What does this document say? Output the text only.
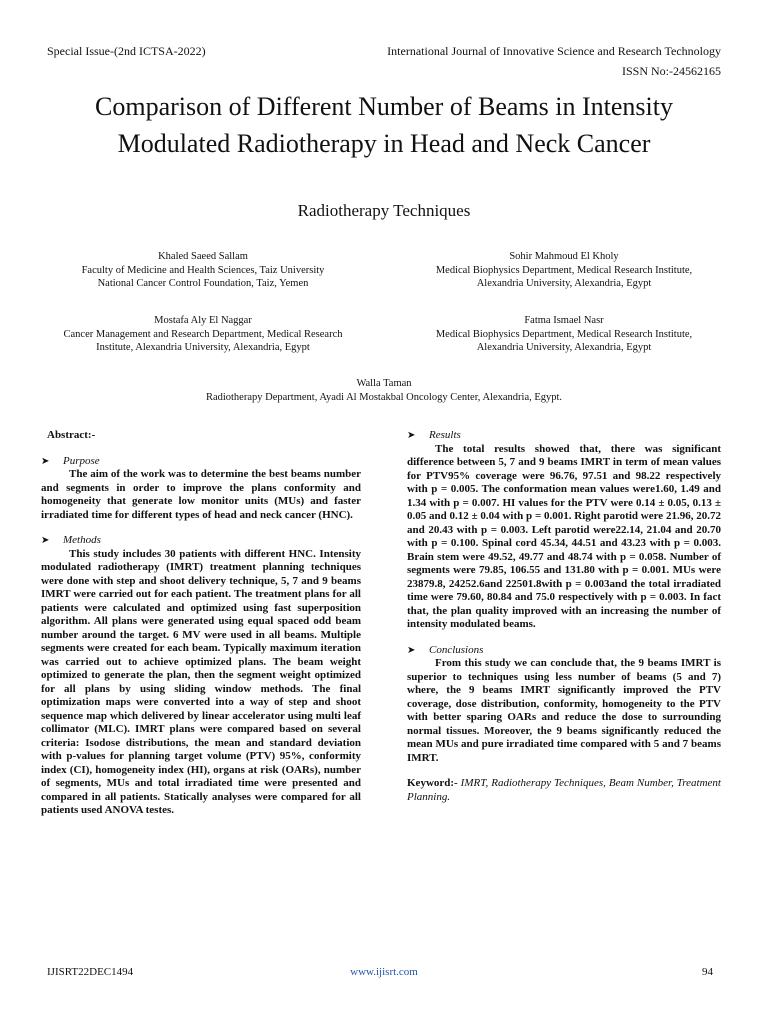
Special Issue-(2nd ICTSA-2022)	International Journal of Innovative Science and Research Technology
ISSN No:-24562165
Comparison of Different Number of Beams in Intensity Modulated Radiotherapy in Head and Neck Cancer
Radiotherapy Techniques
Khaled Saeed Sallam
Faculty of Medicine and Health Sciences, Taiz University
National Cancer Control Foundation, Taiz, Yemen
Sohir Mahmoud El Kholy
Medical Biophysics Department, Medical Research Institute,
Alexandria University, Alexandria, Egypt
Mostafa Aly El Naggar
Cancer Management and Research Department, Medical Research
Institute, Alexandria University, Alexandria, Egypt
Fatma Ismael Nasr
Medical Biophysics Department, Medical Research Institute,
Alexandria University, Alexandria, Egypt
Walla Taman
Radiotherapy Department, Ayadi Al Mostakbal Oncology Center, Alexandria, Egypt.
Abstract:-
➤	Purpose

The aim of the work was to determine the best beams number and segments in order to improve the plans conformity and homogeneity that generate low monitor units (MUs) and faster irradiated time for different types of head and neck cancer (HNC).

➤	Methods

This study includes 30 patients with different HNC. Intensity modulated radiotherapy (IMRT) treatment planning techniques were done with step and shoot delivery technique, 5, 7 and 9 beams IMRT were carried out for each patient. The treatment plans for all patients were calculated and optimized using fast superposition algorithm. All plans were generated using equal spaced odd beam number around the target. 6 MV were used in all beams. Multiple segments were created for each beam. Typically maximum iteration was carried out to achieve optimized plans. The beam weight optimized to generate the plan, then the segment weight optimized for all plans by using sliding window methods. The final optimization maps were converted into a way of step and shoot sequence map which delivered by linear accelerator using multi leaf collimator (MLC). IMRT plans were compared based on several criteria: Isodose distributions, the mean and standard deviation with p-values for planning target volume (PTV) 95%, conformity index (CI), homogeneity index (HI), organs at risk (OARs), number of segments, MUs and total irradiated time were presented and compared in all patients. Statically analyses were compared for all patients used ANOVA testes.

➤	Results

The total results showed that, there was significant difference between 5, 7 and 9 beams IMRT in term of mean values for PTV95% coverage were 96.76, 97.51 and 98.22 respectively with p = 0.005. The conformation mean values were1.60, 1.49 and 1.34 with p = 0.007. HI values for the PTV were 0.14 ± 0.05, 0.13 ± 0.05 and 0.12 ± 0.04 with p = 0.001. Right parotid were 21.96, 20.72 and 20.43 with p = 0.003. Left parotid were22.14, 21.04 and 20.70 with p = 0.100. Spinal cord 45.34, 44.51 and 43.23 with p = 0.003. Brain stem were 49.52, 49.77 and 48.74 with p = 0.058. Number of segments were 79.85, 106.55 and 131.80 with p = 0.001. MUs were 23879.8, 24252.6and 22501.8with p = 0.003and the total irradiated time were 79.60, 80.84 and 75.0 respectively with p = 0.003. In fact that, the plan quality improved with an increasing the number of intensity modulated beams.

➤	Conclusions

From this study we can conclude that, the 9 beams IMRT is superior to techniques using less number of beams (5 and 7) where, the 9 beams IMRT significantly improved the PTV coverage, dose distribution, conformity, homogeneity to the PTV with better sparing OARs and reduce the dose to surrounding normal tissues. Moreover, the 9 beams significantly reduced the mean MUs and pure irradiated time compared with 5 and 7 beams IMRT.

Keyword:- IMRT, Radiotherapy Techniques, Beam Number, Treatment Planning.
IJISRT22DEC1494	www.ijisrt.com	94
